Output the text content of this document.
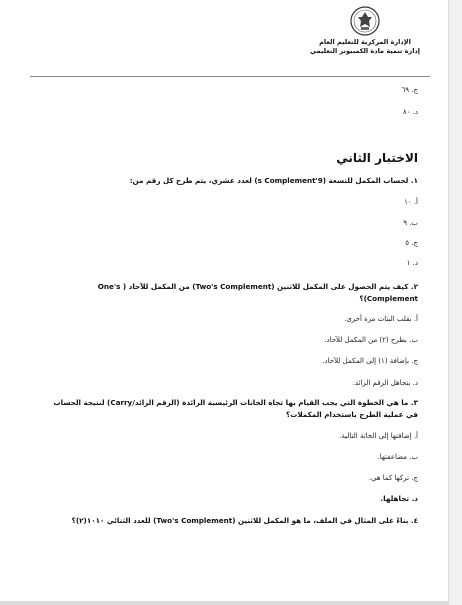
الإدارة المركزية للتعليم العام
إدارة تنمية مادة الكمبيوتر التعليمي
ج. ٦٩
د. ٨٠
الاختبار الثاني
١. لحساب المكمل للتسعة (9's Complement) لعدد عشري، يتم طرح كل رقم من:
أ. ١٠
ب. ٩
ج. ٥
د. ١
٢. كيف يتم الحصول على المكمل للاثنين (Two's Complement) من المكمل للآحاد ( One's
Complement)؟
أ. بقلب البتات مرة أخرى.
ب. بطرح (٢) من المكمل للآحاد.
ج. بإضافة (١) إلى المكمل للآحاد.
د. بتجاهل الرقم الزائد.
٣. ما هي الخطوة التي يجب القيام بها تجاه الخانات الرئيسية الرائدة (الرقم الزائد/Carry) لنتيجة الحساب
في عملية الطرح باستخدام المكملات؟
أ. إضافتها إلى الخانة التالية.
ب. مضاعفتها.
ج. تركها كما هي.
د. تجاهلها.
٤. بناءً على المثال في الملف، ما هو المكمل للاثنين (Two's Complement) للعدد الثنائي ١٠١٠(٢)؟
